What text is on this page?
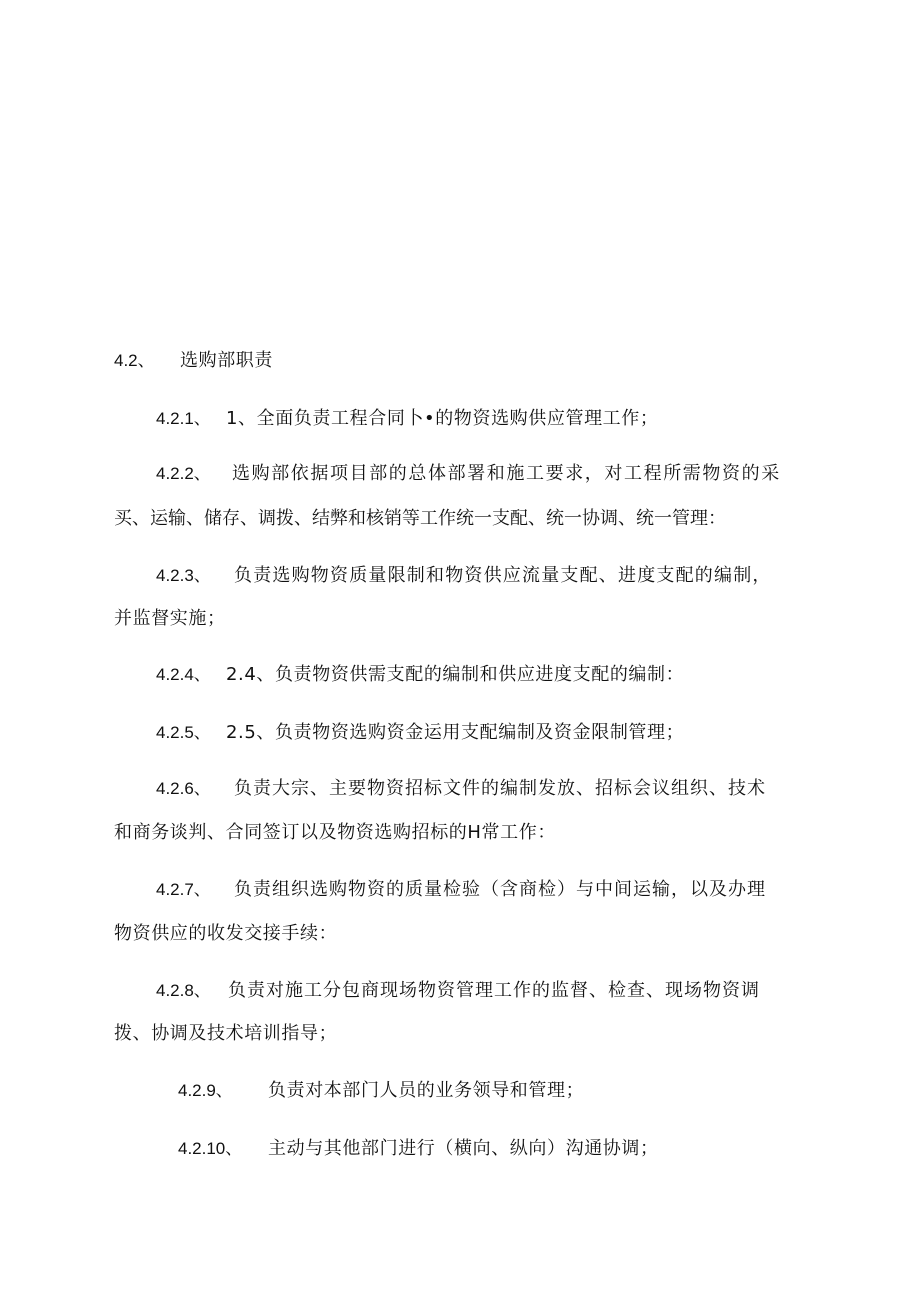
4.2、 选购部职责
4.2.1、 1、全面负责工程合同卜•的物资选购供应管理工作；
4.2.2、 选购部依据项目部的总体部署和施工要求，对工程所需物资的采
买、运输、储存、调拨、结弊和核销等工作统一支配、统一协调、统一管理：
4.2.3、 负责选购物资质量限制和物资供应流量支配、进度支配的编制，
并监督实施；
4.2.4、 2.4、负责物资供需支配的编制和供应进度支配的编制：
4.2.5、 2.5、负责物资选购资金运用支配编制及资金限制管理；
4.2.6、 负责大宗、主要物资招标文件的编制发放、招标会议组织、技术
和商务谈判、合同签订以及物资选购招标的H常工作：
4.2.7、 负责组织选购物资的质量检验（含商检）与中间运输，以及办理
物资供应的收发交接手续：
4.2.8、 负责对施工分包商现场物资管理工作的监督、检查、现场物资调
拨、协调及技术培训指导；
4.2.9、 负责对本部门人员的业务领导和管理；
4.2.10、 主动与其他部门进行（横向、纵向）沟通协调；
